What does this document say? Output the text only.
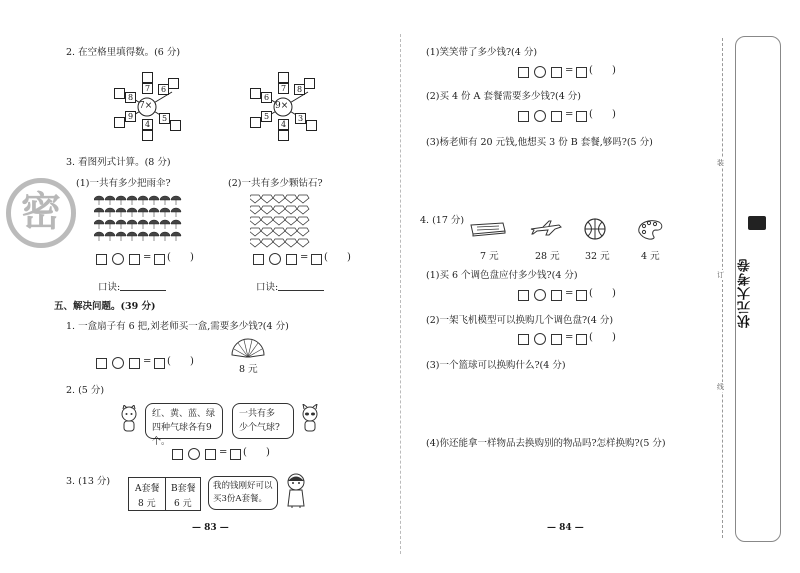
2. 在空格里填得数。(6 分)
7×
7	6
8
9
4
5
9×
7	8
6
5
4
3
3. 看图列式计算。(8 分)
(1)一共有多少把雨伞?	(2)一共有多少颗钻石?
= (      )	= (      )
口诀:	口诀:
五、解决问题。(39 分)
1. 一盒扇子有 6 把,刘老师买一盒,需要多少钱?(4 分)
8 元
= (      )
2. (5 分)
红、黄、蓝、绿
四种气球各有9个。
一共有多
少个气球?
= (      )
3. (13 分)
A套餐
8 元
B套餐
6 元
我的钱刚好可以
买3份A套餐。
— 83 —
密
(1)笑笑带了多少钱?(4 分)
= (      )
(2)买 4 份 A 套餐需要多少钱?(4 分)
= (      )
(3)杨老师有 20 元钱,他想买 3 份 B 套餐,够吗?(5 分)
4. (17 分)
7 元	28 元	32 元	4 元
(1)买 6 个调色盘应付多少钱?(4 分)
= (      )
(2)一架飞机模型可以换购几个调色盘?(4 分)
= (      )
(3)一个篮球可以换购什么?(4 分)
(4)你还能拿一样物品去换购别的物品吗?怎样换购?(5 分)
— 84 —
装
订
线
状元大考卷
